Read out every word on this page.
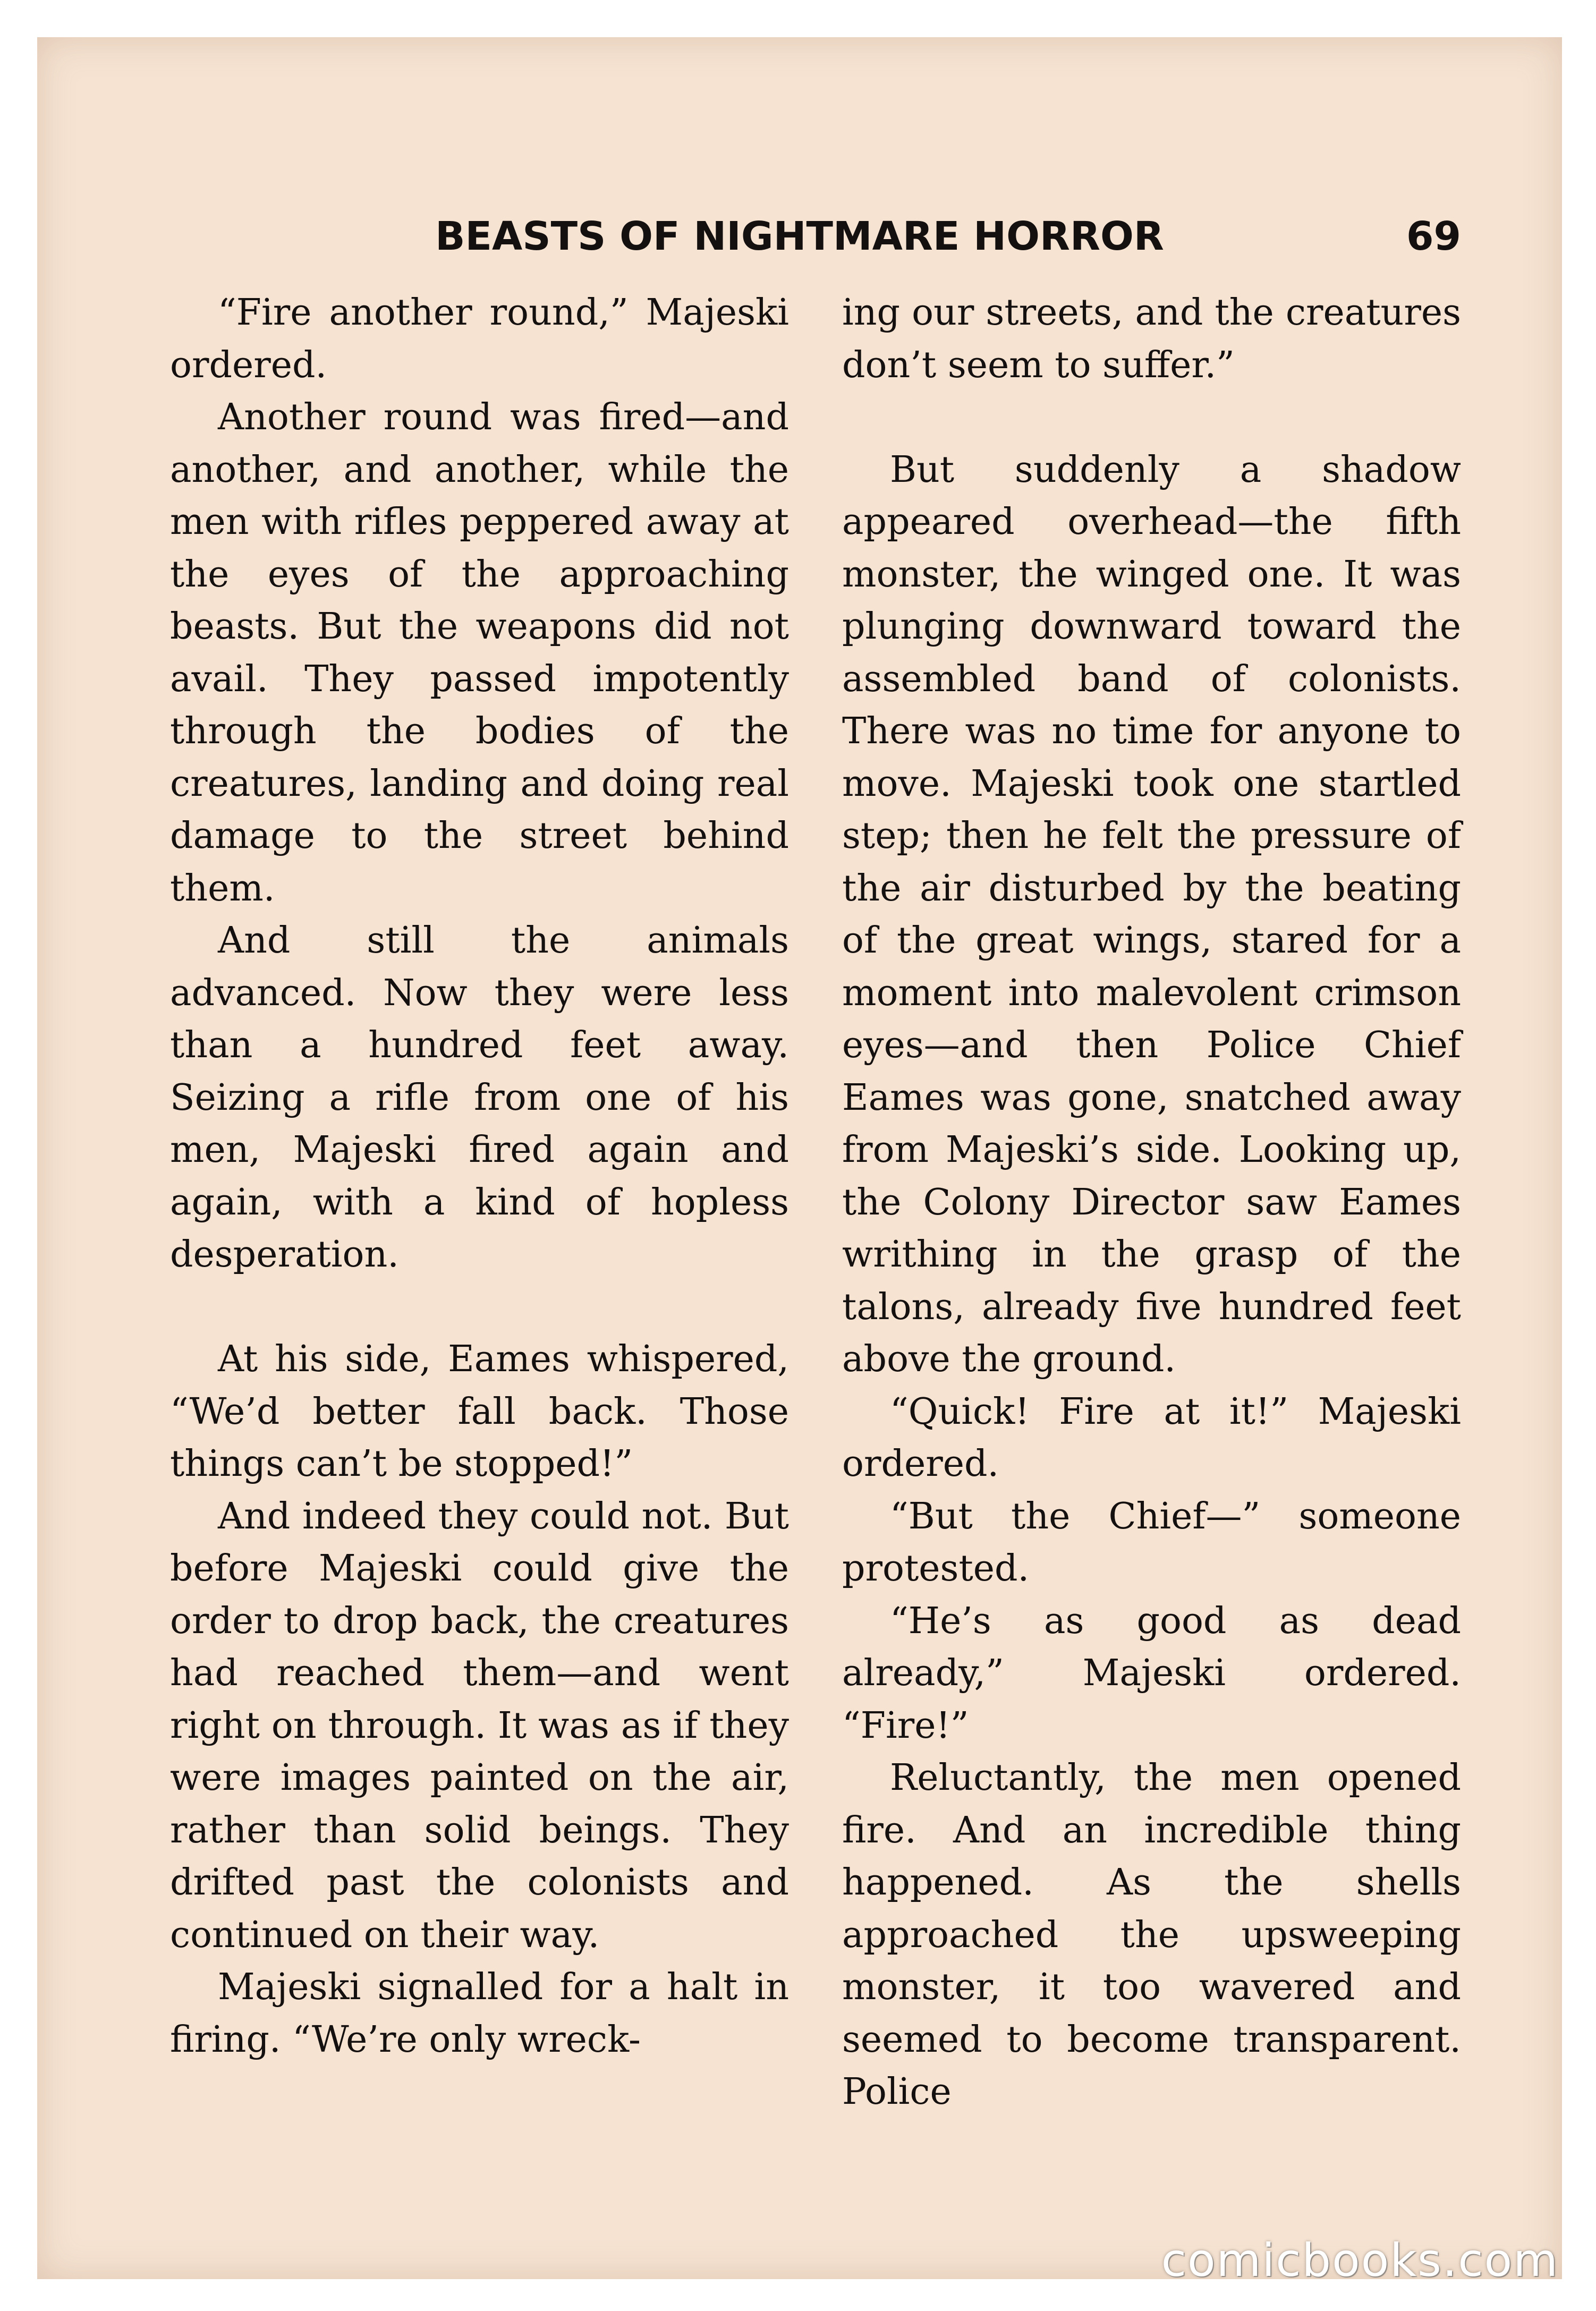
BEASTS OF NIGHTMARE HORROR	69

“Fire another round,” Majeski ordered.

Another round was fired—and another, and another, while the men with rifles peppered away at the eyes of the approaching beasts. But the weapons did not avail. They passed impotently through the bodies of the creatures, landing and doing real damage to the street behind them.

And still the animals advanced. Now they were less than a hundred feet away. Seizing a rifle from one of his men, Majeski fired again and again, with a kind of hopless desperation.

At his side, Eames whispered, “We’d better fall back. Those things can’t be stopped!”

And indeed they could not. But before Majeski could give the order to drop back, the creatures had reached them—and went right on through. It was as if they were images painted on the air, rather than solid beings. They drifted past the colonists and continued on their way.

Majeski signalled for a halt in firing. “We’re only wreck-

ing our streets, and the creatures don’t seem to suffer.”

But suddenly a shadow appeared overhead—the fifth monster, the winged one. It was plunging downward toward the assembled band of colonists. There was no time for anyone to move. Majeski took one startled step; then he felt the pressure of the air disturbed by the beating of the great wings, stared for a moment into malevolent crimson eyes—and then Police Chief Eames was gone, snatched away from Majeski’s side. Looking up, the Colony Director saw Eames writhing in the grasp of the talons, already five hundred feet above the ground.

“Quick! Fire at it!” Majeski ordered.

“But the Chief—” someone protested.

“He’s as good as dead already,” Majeski ordered. “Fire!”

Reluctantly, the men opened fire. And an incredible thing happened. As the shells approached the upsweeping monster, it too wavered and seemed to become transparent. Police

comicbooks.com
